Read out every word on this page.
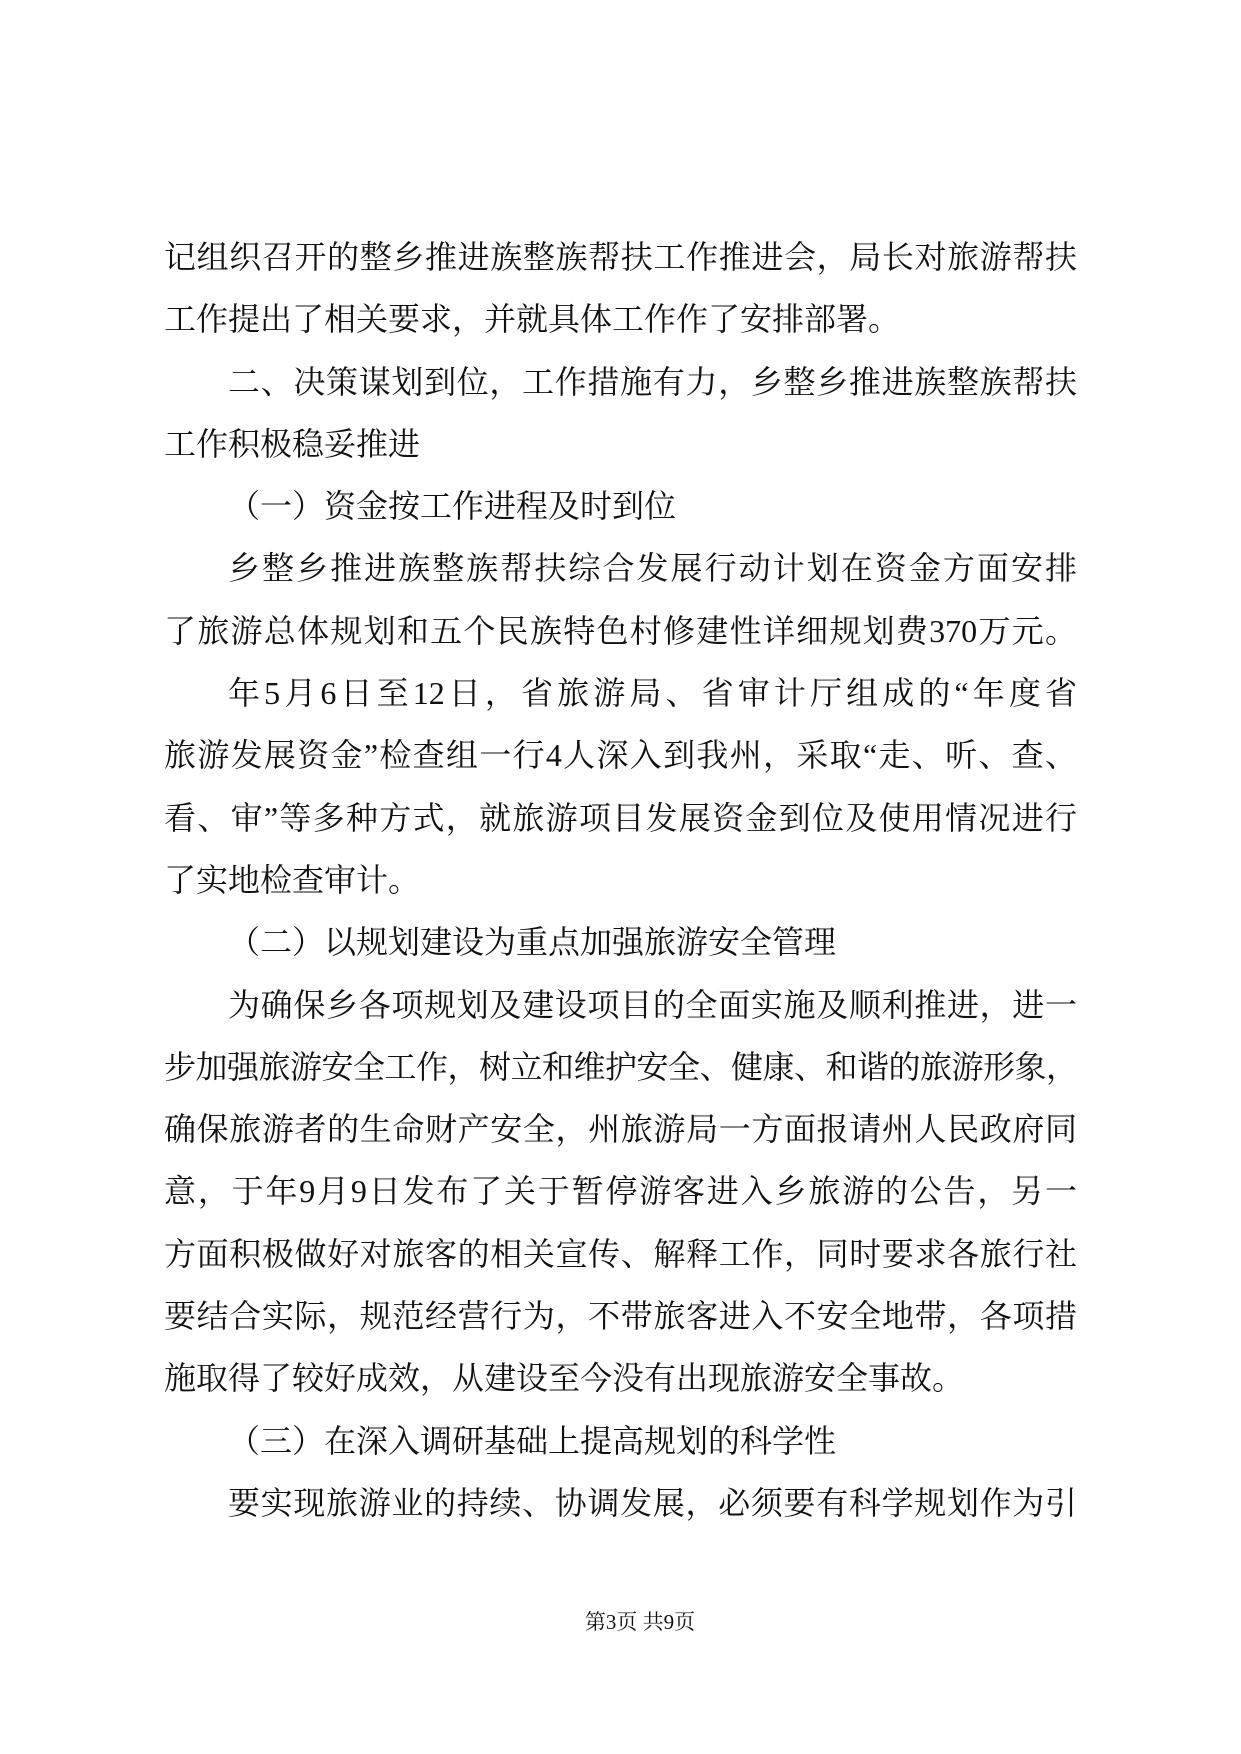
记组织召开的整乡推进族整族帮扶工作推进会，局长对旅游帮扶
工作提出了相关要求，并就具体工作作了安排部署。
二、决策谋划到位，工作措施有力，乡整乡推进族整族帮扶
工作积极稳妥推进
（一）资金按工作进程及时到位
乡整乡推进族整族帮扶综合发展行动计划在资金方面安排
了旅游总体规划和五个民族特色村修建性详细规划费370万元。
年5月6日至12日，省旅游局、省审计厅组成的“年度省
旅游发展资金”检查组一行4人深入到我州，采取“走、听、查、
看、审”等多种方式，就旅游项目发展资金到位及使用情况进行
了实地检查审计。
（二）以规划建设为重点加强旅游安全管理
为确保乡各项规划及建设项目的全面实施及顺利推进，进一
步加强旅游安全工作，树立和维护安全、健康、和谐的旅游形象，
确保旅游者的生命财产安全，州旅游局一方面报请州人民政府同
意，于年9月9日发布了关于暂停游客进入乡旅游的公告，另一
方面积极做好对旅客的相关宣传、解释工作，同时要求各旅行社
要结合实际，规范经营行为，不带旅客进入不安全地带，各项措
施取得了较好成效，从建设至今没有出现旅游安全事故。
（三）在深入调研基础上提高规划的科学性
要实现旅游业的持续、协调发展，必须要有科学规划作为引
第3页 共9页
